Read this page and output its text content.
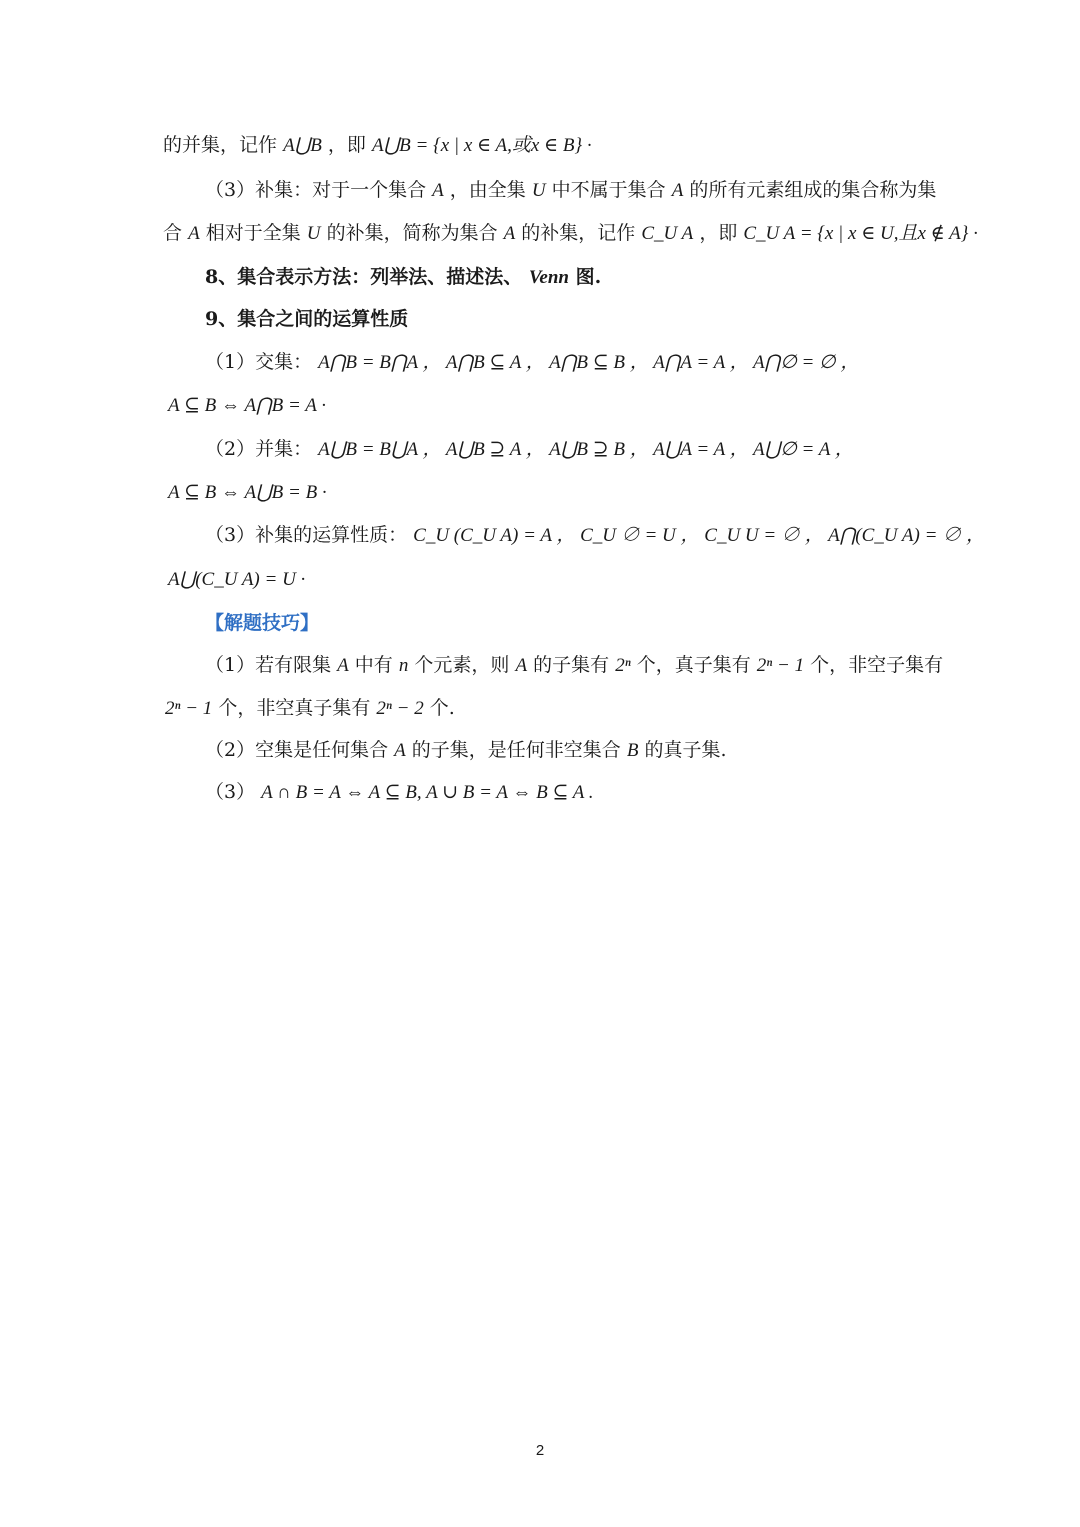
的并集，记作 A⋃B ，即 A⋃B = {x | x ∈ A,或x ∈ B} ·
（3）补集：对于一个集合 A ，由全集 U 中不属于集合 A 的所有元素组成的集合称为集
合 A 相对于全集 U 的补集，简称为集合 A 的补集，记作 C_U A ，即 C_U A = {x | x ∈ U,且x ∉ A} ·
8、集合表示方法：列举法、描述法、 Venn 图.
9、集合之间的运算性质
（1）交集： A⋂B = B⋂A ， A⋂B ⊆ A ， A⋂B ⊆ B ， A⋂A = A ， A⋂∅ = ∅ ，
A ⊆ B ⇔ A⋂B = A ·
（2）并集： A⋃B = B⋃A ， A⋃B ⊇ A ， A⋃B ⊇ B ， A⋃A = A ， A⋃∅ = A ，
A ⊆ B ⇔ A⋃B = B ·
（3）补集的运算性质： C_U (C_U A) = A ， C_U ∅ = U ， C_U U = ∅ ， A⋂(C_U A) = ∅ ，
A⋃(C_U A) = U ·
【解题技巧】
（1）若有限集 A 中有 n 个元素，则 A 的子集有 2ⁿ 个，真子集有 2ⁿ − 1 个，非空子集有
2ⁿ − 1 个，非空真子集有 2ⁿ − 2 个.
（2）空集是任何集合 A 的子集，是任何非空集合 B 的真子集.
（3） A ∩ B = A ⇔ A ⊆ B, A ∪ B = A ⇔ B ⊆ A .
2
